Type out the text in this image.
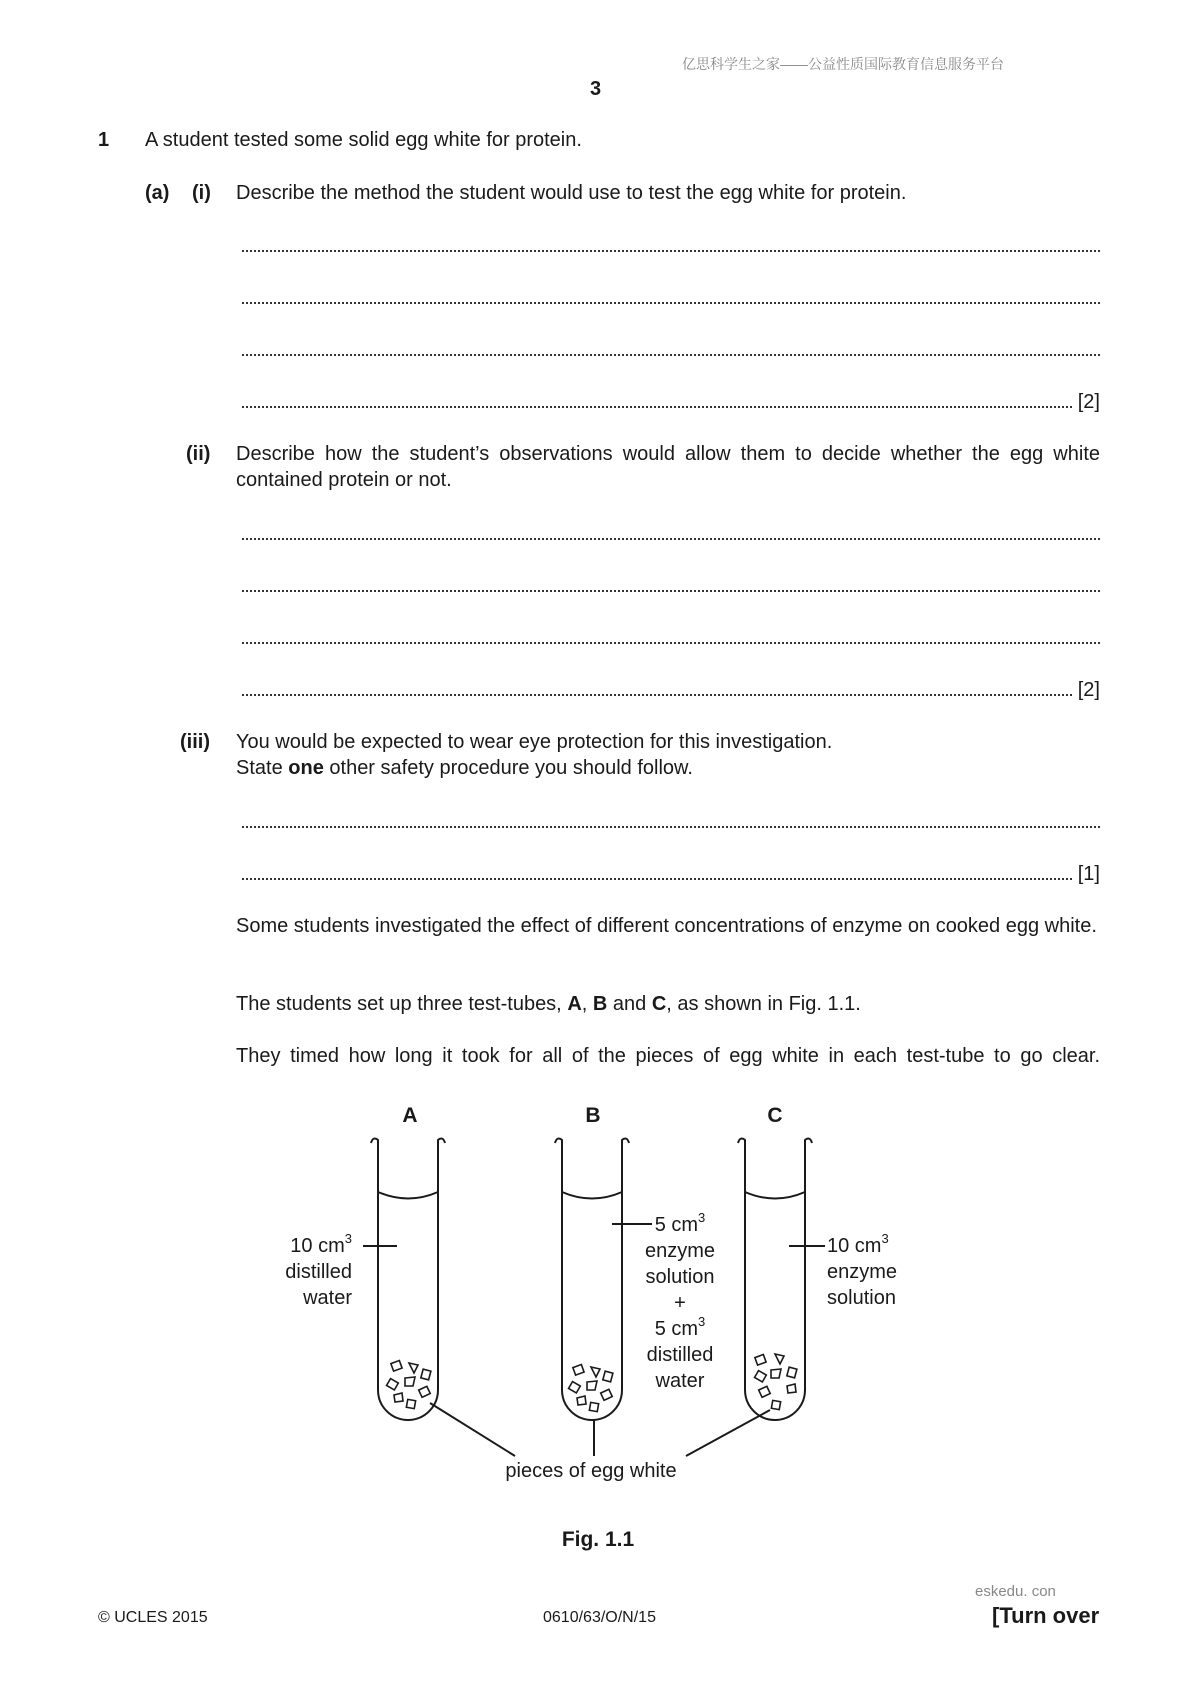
亿思科学生之家——公益性质国际教育信息服务平台
3
1 A student tested some solid egg white for protein.
(a) (i) Describe the method the student would use to test the egg white for protein.
[2]
(ii) Describe how the student’s observations would allow them to decide whether the egg white contained protein or not.
[2]
(iii) You would be expected to wear eye protection for this investigation.
State one other safety procedure you should follow.
[1]
Some students investigated the effect of different concentrations of enzyme on cooked egg white.
The students set up three test-tubes, A, B and C, as shown in Fig. 1.1.
They timed how long it took for all of the pieces of egg white in each test-tube to go clear.
A	B	C
10 $cm^3$
distilled
water
5 $cm^3$
enzyme
solution
+
5 $cm^3$
distilled
water
10 $cm^3$
enzyme
solution
pieces of egg white
Fig. 1.1
eskedu. con
© UCLES 2015	0610/63/O/N/15	[Turn over
